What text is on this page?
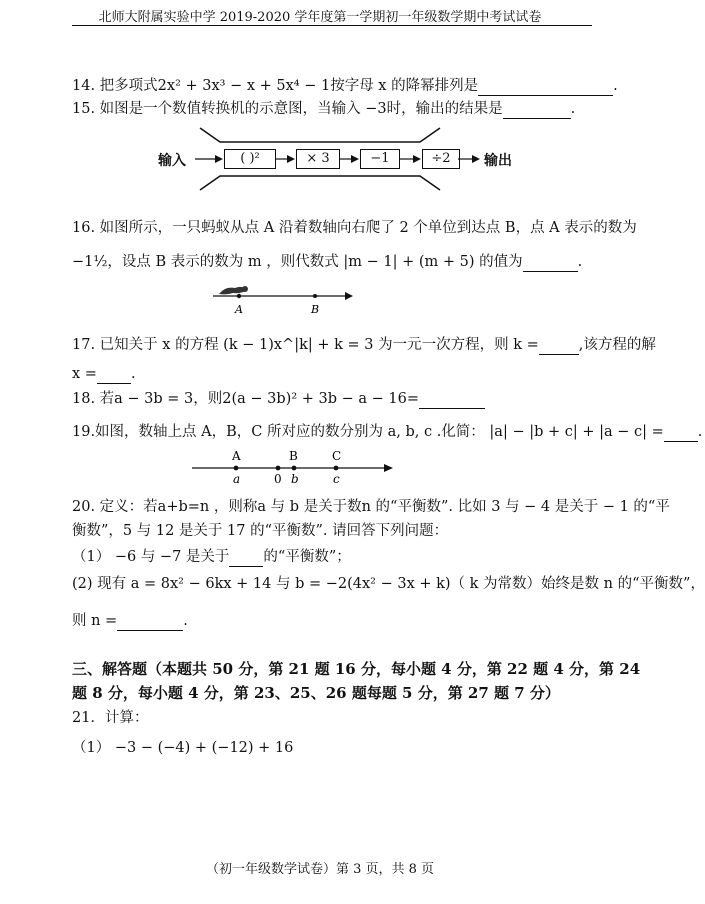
北师大附属实验中学 2019-2020 学年度第一学期初一年级数学期中考试试卷
14. 把多项式2x² + 3x³ − x + 5x⁴ − 1按字母 x 的降幂排列是	.
15. 如图是一个数值转换机的示意图，当输入 −3时，输出的结果是	.
输入	输出
( )²	× 3	−1	÷2
16. 如图所示，一只蚂蚁从点 A 沿着数轴向右爬了 2 个单位到达点 B，点 A 表示的数为
−1½，设点 B 表示的数为 m ，则代数式 |m − 1| + (m + 5) 的值为	.
A	B
17. 已知关于 x 的方程 (k − 1)x^|k| + k = 3 为一元一次方程，则 k =	,该方程的解
x = .
18. 若a − 3b = 3，则2(a − 3b)² + 3b − a − 16=
19.如图，数轴上点 A，B，C 所对应的数分别为 a, b, c .化简： |a| − |b + c| + |a − c| = .
A	B	C
a	0 b	c
20. 定义：若a+b=n ，则称a 与 b 是关于数n 的“平衡数”. 比如 3 与 − 4 是关于 − 1 的“平
衡数”，5 与 12 是关于 17 的“平衡数”. 请回答下列问题：
（1） −6 与 −7 是关于 的“平衡数”；
(2) 现有 a = 8x² − 6kx + 14 与 b = −2(4x² − 3x + k)（ k 为常数）始终是数 n 的“平衡数”，
则 n =	.
三、解答题（本题共 50 分，第 21 题 16 分，每小题 4 分，第 22 题 4 分，第 24
题 8 分，每小题 4 分，第 23、25、26 题每题 5 分，第 27 题 7 分）
21．计算：
（1） −3 − (−4) + (−12) + 16
（初一年级数学试卷）第 3 页，共 8 页
